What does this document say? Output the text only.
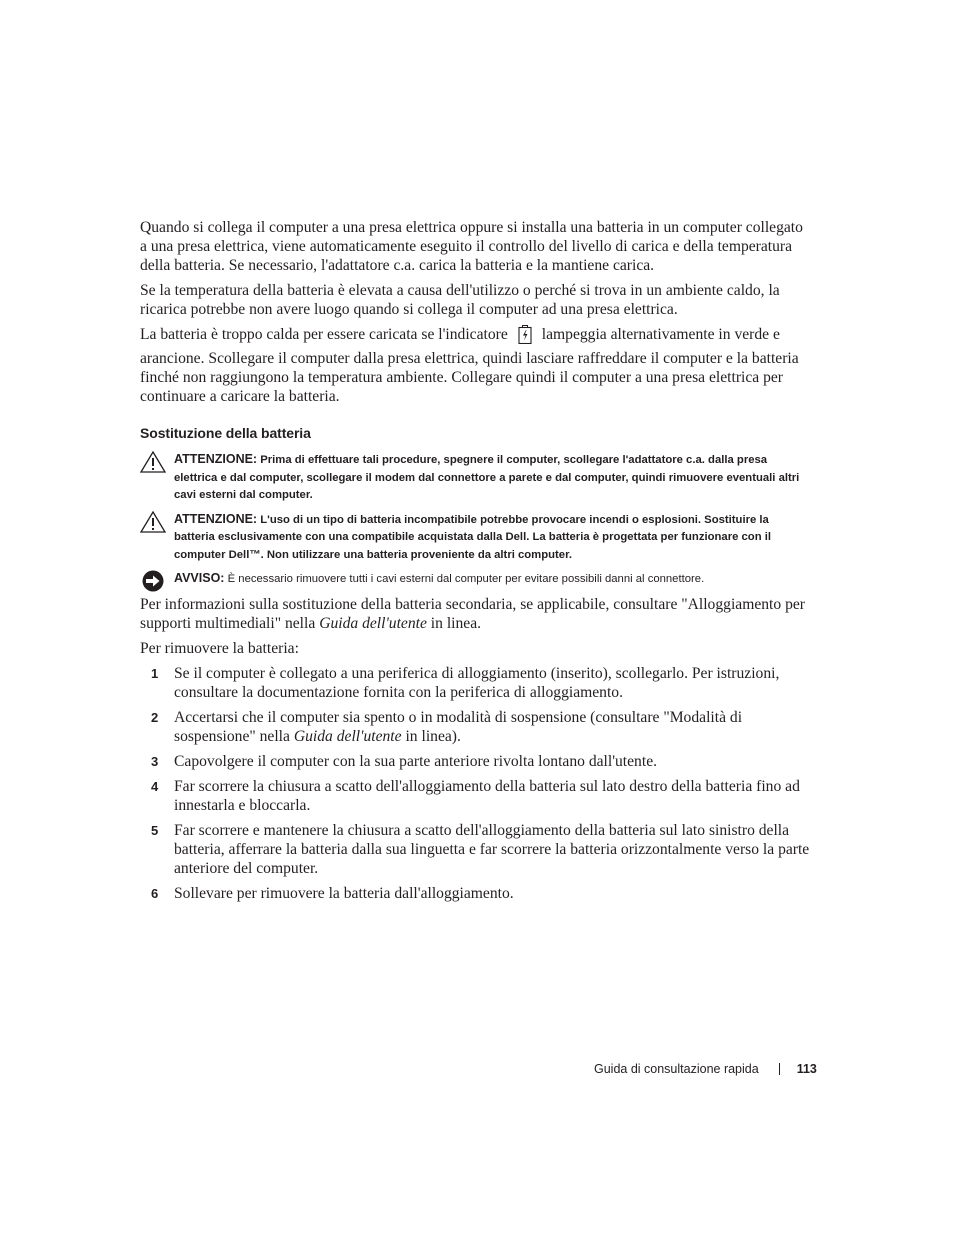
Quando si collega il computer a una presa elettrica oppure si installa una batteria in un computer collegato a una presa elettrica, viene automaticamente eseguito il controllo del livello di carica e della temperatura della batteria. Se necessario, l'adattatore c.a. carica la batteria e la mantiene carica.

Se la temperatura della batteria è elevata a causa dell'utilizzo o perché si trova in un ambiente caldo, la ricarica potrebbe non avere luogo quando si collega il computer ad una presa elettrica.

La batteria è troppo calda per essere caricata se l'indicatore lampeggia alternativamente in verde e arancione. Scollegare il computer dalla presa elettrica, quindi lasciare raffreddare il computer e la batteria finché non raggiungono la temperatura ambiente. Collegare quindi il computer a una presa elettrica per continuare a caricare la batteria.

Sostituzione della batteria
ATTENZIONE: Prima di effettuare tali procedure, spegnere il computer, scollegare l'adattatore c.a. dalla presa elettrica e dal computer, scollegare il modem dal connettore a parete e dal computer, quindi rimuovere eventuali altri cavi esterni dal computer.
ATTENZIONE: L'uso di un tipo di batteria incompatibile potrebbe provocare incendi o esplosioni. Sostituire la batteria esclusivamente con una compatibile acquistata dalla Dell. La batteria è progettata per funzionare con il computer Dell™. Non utilizzare una batteria proveniente da altri computer.
AVVISO: È necessario rimuovere tutti i cavi esterni dal computer per evitare possibili danni al connettore.

Per informazioni sulla sostituzione della batteria secondaria, se applicabile, consultare "Alloggiamento per supporti multimediali" nella Guida dell'utente in linea.

Per rimuovere la batteria:

1 Se il computer è collegato a una periferica di alloggiamento (inserito), scollegarlo. Per istruzioni, consultare la documentazione fornita con la periferica di alloggiamento.
2 Accertarsi che il computer sia spento o in modalità di sospensione (consultare "Modalità di sospensione" nella Guida dell'utente in linea).
3 Capovolgere il computer con la sua parte anteriore rivolta lontano dall'utente.
4 Far scorrere la chiusura a scatto dell'alloggiamento della batteria sul lato destro della batteria fino ad innestarla e bloccarla.
5 Far scorrere e mantenere la chiusura a scatto dell'alloggiamento della batteria sul lato sinistro della batteria, afferrare la batteria dalla sua linguetta e far scorrere la batteria orizzontalmente verso la parte anteriore del computer.
6 Sollevare per rimuovere la batteria dall'alloggiamento.
Guida di consultazione rapida	113
